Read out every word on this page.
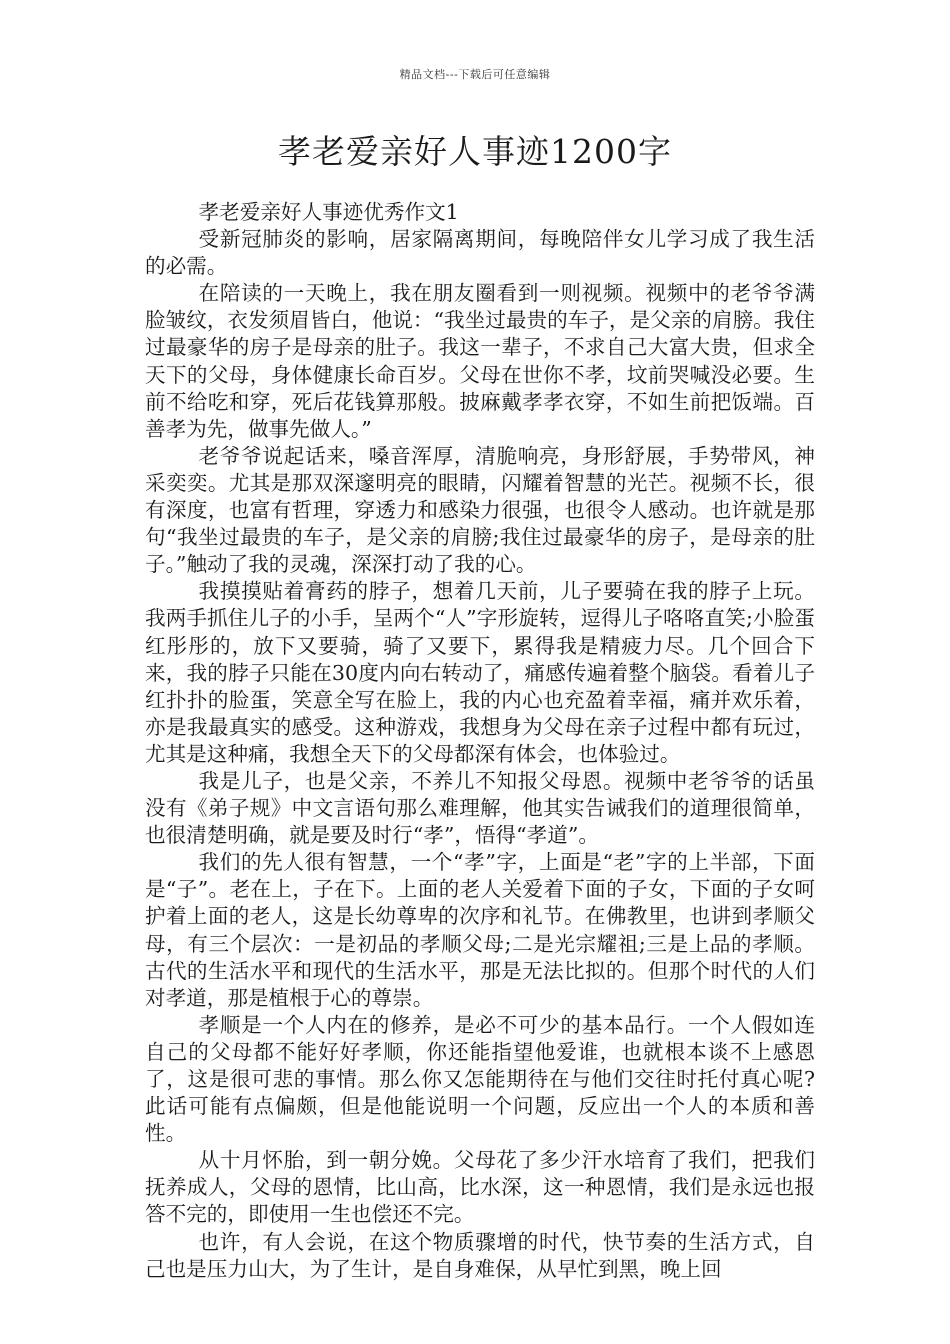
精品文档---下载后可任意编辑
孝老爱亲好人事迹1200字

孝老爱亲好人事迹优秀作文1

受新冠肺炎的影响，居家隔离期间，每晚陪伴女儿学习成了我生活的必需。

在陪读的一天晚上，我在朋友圈看到一则视频。视频中的老爷爷满脸皱纹，衣发须眉皆白，他说：“我坐过最贵的车子，是父亲的肩膀。我住过最豪华的房子是母亲的肚子。我这一辈子，不求自己大富大贵，但求全天下的父母，身体健康长命百岁。父母在世你不孝，坟前哭喊没必要。生前不给吃和穿，死后花钱算那般。披麻戴孝孝衣穿，不如生前把饭端。百善孝为先，做事先做人。”

老爷爷说起话来，嗓音浑厚，清脆响亮，身形舒展，手势带风，神采奕奕。尤其是那双深邃明亮的眼睛，闪耀着智慧的光芒。视频不长，很有深度，也富有哲理，穿透力和感染力很强，也很令人感动。也许就是那句“我坐过最贵的车子，是父亲的肩膀;我住过最豪华的房子，是母亲的肚子。”触动了我的灵魂，深深打动了我的心。

我摸摸贴着膏药的脖子，想着几天前，儿子要骑在我的脖子上玩。我两手抓住儿子的小手，呈两个“人”字形旋转，逗得儿子咯咯直笑;小脸蛋红彤彤的，放下又要骑，骑了又要下，累得我是精疲力尽。几个回合下来，我的脖子只能在30度内向右转动了，痛感传遍着整个脑袋。看着儿子红扑扑的脸蛋，笑意全写在脸上，我的内心也充盈着幸福，痛并欢乐着，亦是我最真实的感受。这种游戏，我想身为父母在亲子过程中都有玩过，尤其是这种痛，我想全天下的父母都深有体会，也体验过。

我是儿子，也是父亲，不养儿不知报父母恩。视频中老爷爷的话虽没有《弟子规》中文言语句那么难理解，他其实告诫我们的道理很简单，也很清楚明确，就是要及时行“孝”，悟得“孝道”。

我们的先人很有智慧，一个“孝”字，上面是“老”字的上半部，下面是“子”。老在上，子在下。上面的老人关爱着下面的子女，下面的子女呵护着上面的老人，这是长幼尊卑的次序和礼节。在佛教里，也讲到孝顺父母，有三个层次：一是初品的孝顺父母;二是光宗耀祖;三是上品的孝顺。古代的生活水平和现代的生活水平，那是无法比拟的。但那个时代的人们对孝道，那是植根于心的尊崇。

孝顺是一个人内在的修养，是必不可少的基本品行。一个人假如连自己的父母都不能好好孝顺，你还能指望他爱谁，也就根本谈不上感恩了，这是很可悲的事情。那么你又怎能期待在与他们交往时托付真心呢?此话可能有点偏颇，但是他能说明一个问题，反应出一个人的本质和善性。

从十月怀胎，到一朝分娩。父母花了多少汗水培育了我们，把我们抚养成人，父母的恩情，比山高，比水深，这一种恩情，我们是永远也报答不完的，即使用一生也偿还不完。

也许，有人会说，在这个物质骤增的时代，快节奏的生活方式，自己也是压力山大，为了生计，是自身难保，从早忙到黑，晚上回
